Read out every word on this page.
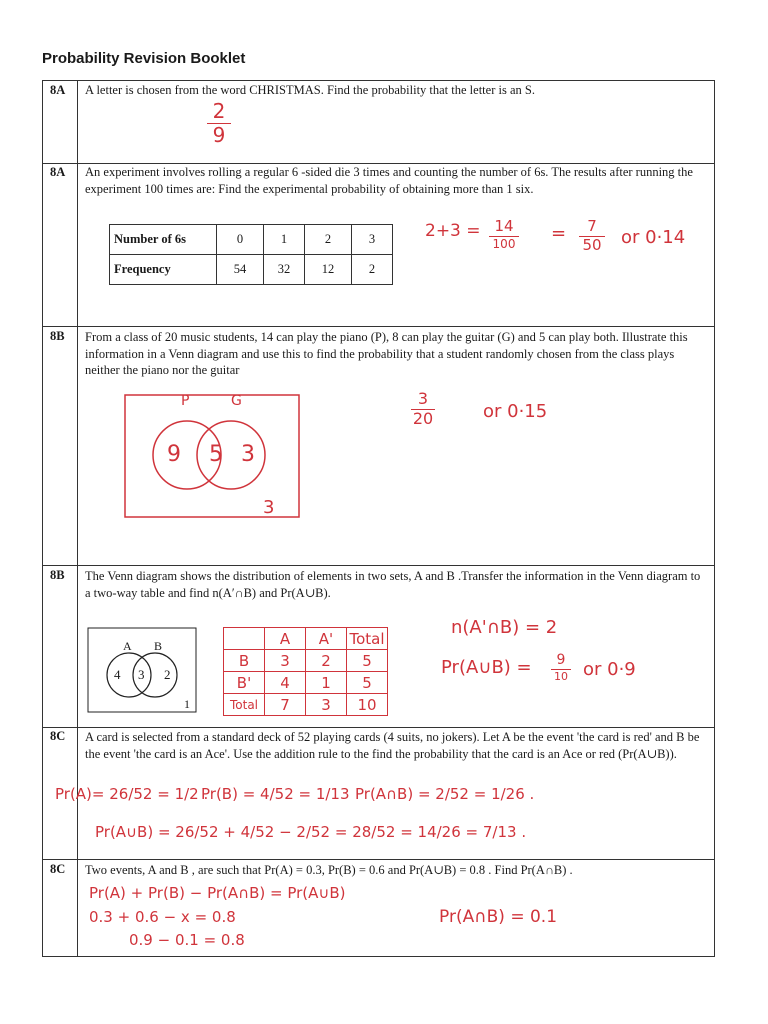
Probability Revision Booklet
8A A letter is chosen from the word CHRISTMAS. Find the probability that the letter is an S.
2
9
8A An experiment involves rolling a regular 6 -sided die 3 times and counting the number of 6s. The results after running the experiment 100 times are: Find the experimental probability of obtaining more than 1 six.
Number of 6s	0	1	2	3
Frequency	54	32	12	2
2+3 = 14
100 = 7
50 or 0·14
8B From a class of 20 music students, 14 can play the piano (P), 8 can play the guitar (G) and 5 can play both. Illustrate this information in a Venn diagram and use this to find the probability that a student randomly chosen from the class plays neither the piano nor the guitar
P	G
9 5 3
3
3
20	or 0·15
8B The Venn diagram shows the distribution of elements in two sets, A and B .Transfer the information in the Venn diagram to a two-way table and find n(A′∩B) and Pr(A∪B).
A B
4 3 2
1
	A	A'	Total
B	3	2	5
B'	4	1	5
Total	7	3	10
n(A'∩B) = 2
Pr(A∪B) = 9
10 or 0·9
8C A card is selected from a standard deck of 52 playing cards (4 suits, no jokers). Let A be the event 'the card is red' and B be the event 'the card is an Ace'. Use the addition rule to the find the probability that the card is an Ace or red (Pr(A∪B)).
Pr(A)= 26/52 = 1/2 .
Pr(B) = 4/52 = 1/13 Pr(A∩B) = 2/52 = 1/26 .
Pr(A∪B) = 26/52 + 4/52 − 2/52 = 28/52 = 14/26 = 7/13 .
8C Two events, A and B , are such that Pr(A) = 0.3, Pr(B) = 0.6 and Pr(A∪B) = 0.8 . Find Pr(A∩B) .
Pr(A) + Pr(B) − Pr(A∩B) = Pr(A∪B)
0.3 + 0.6 − x = 0.8
0.9 − 0.1 = 0.8
Pr(A∩B) = 0.1
